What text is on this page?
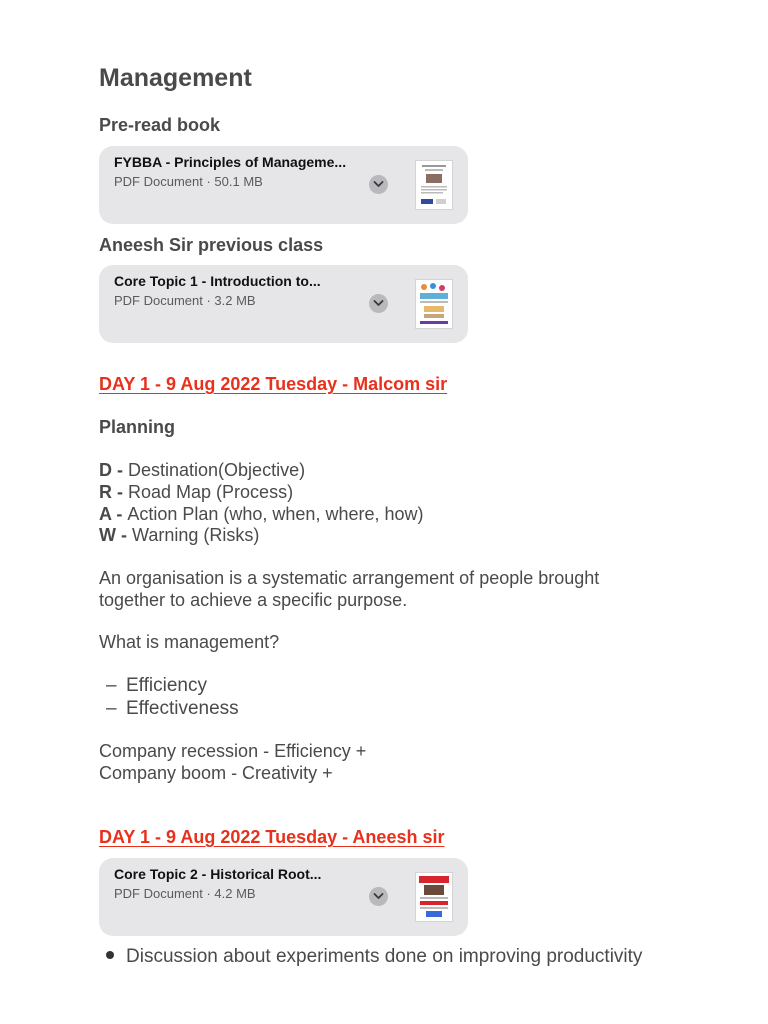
Management
Pre-read book
FYBBA - Principles of Manageme...
PDF Document · 50.1 MB
Aneesh Sir previous class
Core Topic 1 - Introduction to...
PDF Document · 3.2 MB
DAY 1 - 9 Aug 2022 Tuesday - Malcom sir
Planning
D - Destination(Objective)
R - Road Map (Process)
A - Action Plan (who, when, where, how)
W - Warning (Risks)
An organisation is a systematic arrangement of people brought
together to achieve a specific purpose.
What is management?
– Efficiency
– Effectiveness
Company recession - Efficiency +
Company boom - Creativity +
DAY 1 - 9 Aug 2022 Tuesday - Aneesh sir
Core Topic 2 - Historical Root...
PDF Document · 4.2 MB
Discussion about experiments done on improving productivity
